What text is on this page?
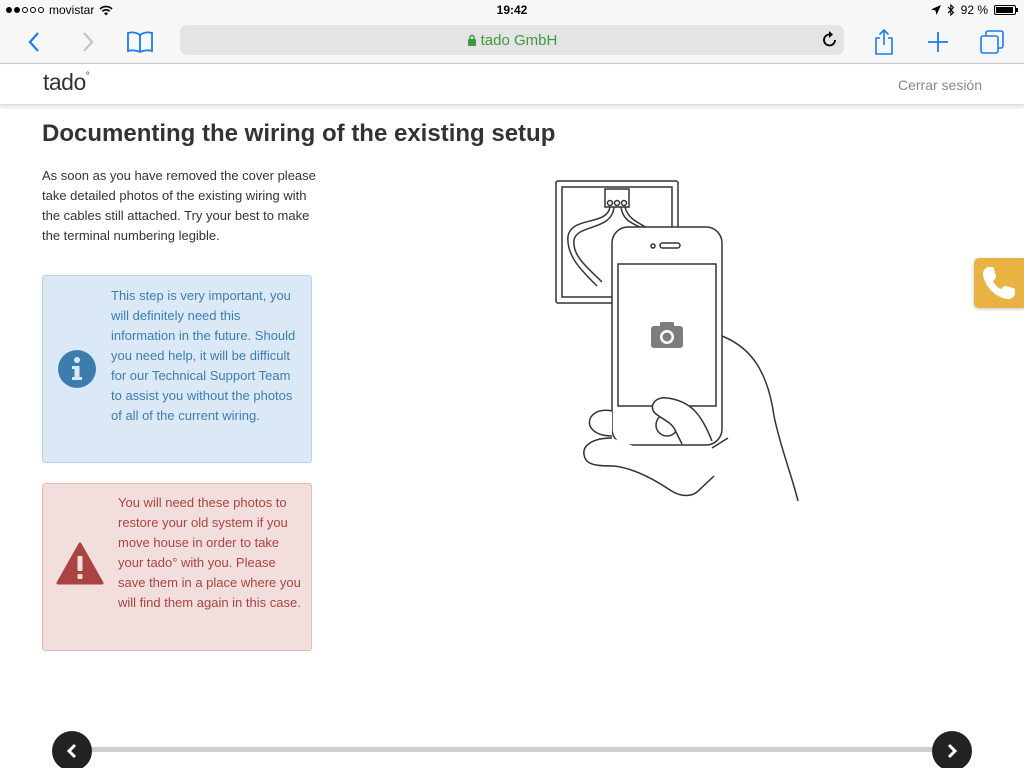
movistar	19:42	92 %
tado GmbH
tado°
Cerrar sesión
Documenting the wiring of the existing setup

As soon as you have removed the cover please take detailed photos of the existing wiring with the cables still attached. Try your best to make the terminal numbering legible.

This step is very important, you will definitely need this information in the future. Should you need help, it will be difficult for our Technical Support Team to assist you without the photos of all of the current wiring.
You will need these photos to restore your old system if you move house in order to take your tado° with you. Please save them in a place where you will find them again in this case.
